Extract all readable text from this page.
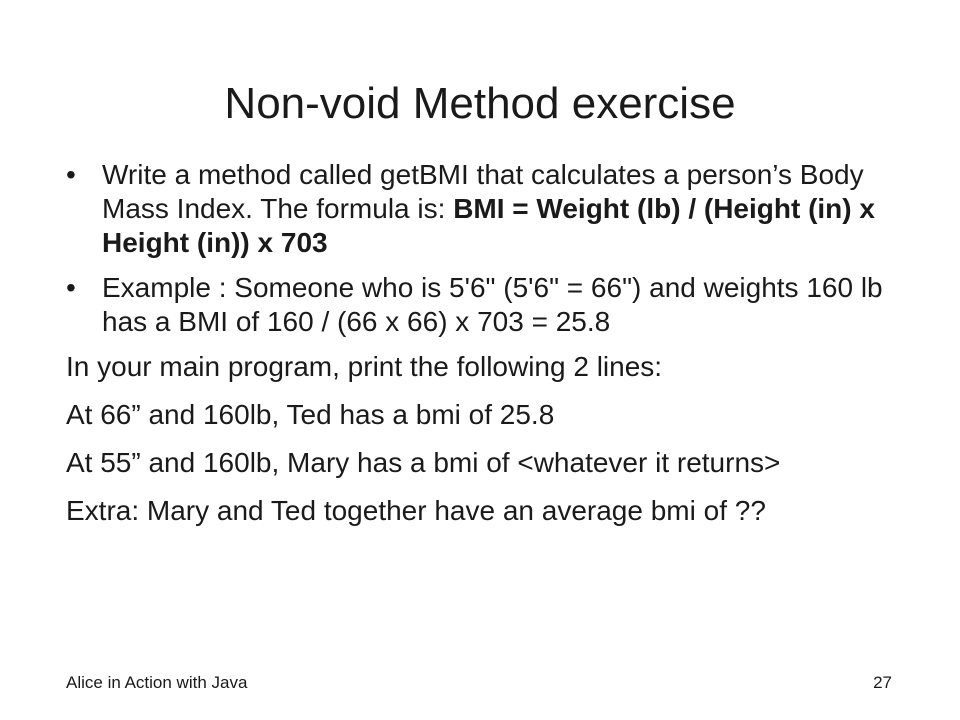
Non-void Method exercise
• Write a method called getBMI that calculates a person’s Body Mass Index. The formula is: BMI = Weight (lb) / (Height (in) x Height (in)) x 703
• Example : Someone who is 5'6" (5'6" = 66") and weights 160 lb has a BMI of 160 / (66 x 66) x 703 = 25.8
In your main program, print the following 2 lines:
At 66” and 160lb, Ted has a bmi of 25.8
At 55” and 160lb, Mary has a bmi of <whatever it returns>
Extra: Mary and Ted together have an average bmi of ??
Alice in Action with Java	27
